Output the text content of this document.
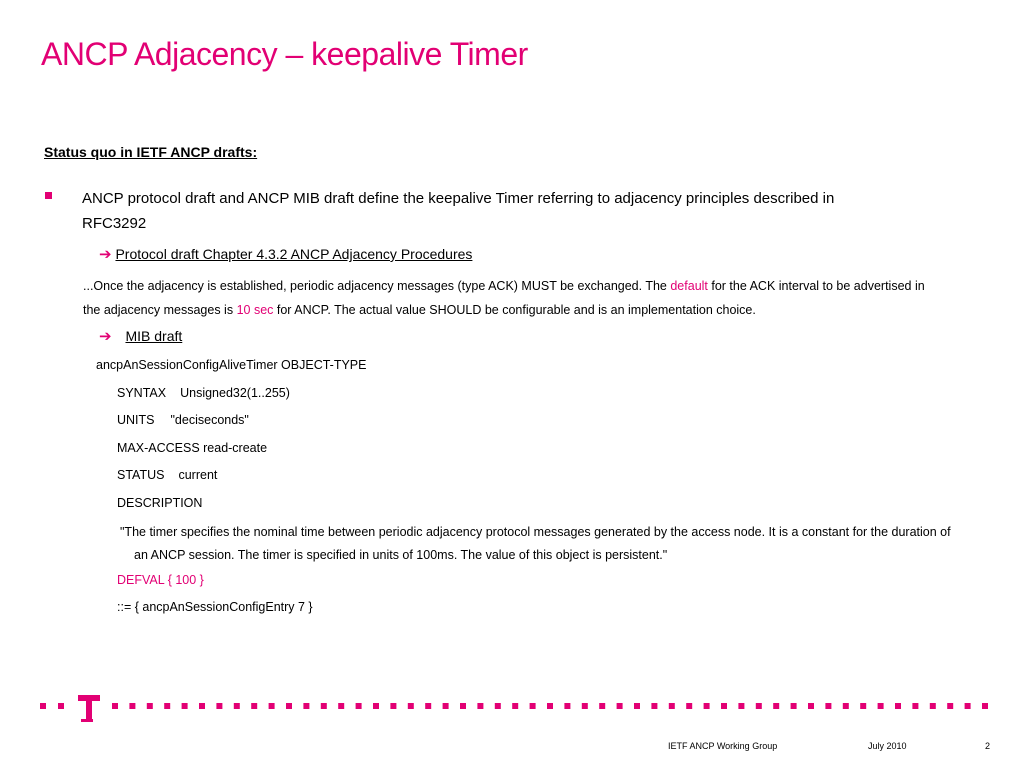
ANCP Adjacency – keepalive Timer
Status quo in IETF ANCP drafts:
ANCP protocol draft and ANCP MIB draft define the keepalive Timer referring to adjacency principles described in
RFC3292
➔ Protocol draft Chapter 4.3.2 ANCP Adjacency Procedures
...Once the adjacency is established, periodic adjacency messages (type ACK) MUST be exchanged. The default for the ACK interval to be advertised in the adjacency messages is 10 sec for ANCP. The actual value SHOULD be configurable and is an implementation choice.
➔ MIB draft
ancpAnSessionConfigAliveTimer OBJECT-TYPE
SYNTAX Unsigned32(1..255)
UNITS "deciseconds"
MAX-ACCESS read-create
STATUS current
DESCRIPTION
"The timer specifies the nominal time between periodic adjacency protocol messages generated by the access node. It is a constant for the duration of an ANCP session. The timer is specified in units of 100ms. The value of this object is persistent."
DEFVAL { 100 }
::= { ancpAnSessionConfigEntry 7 }
IETF ANCP Working Group	July 2010	2
